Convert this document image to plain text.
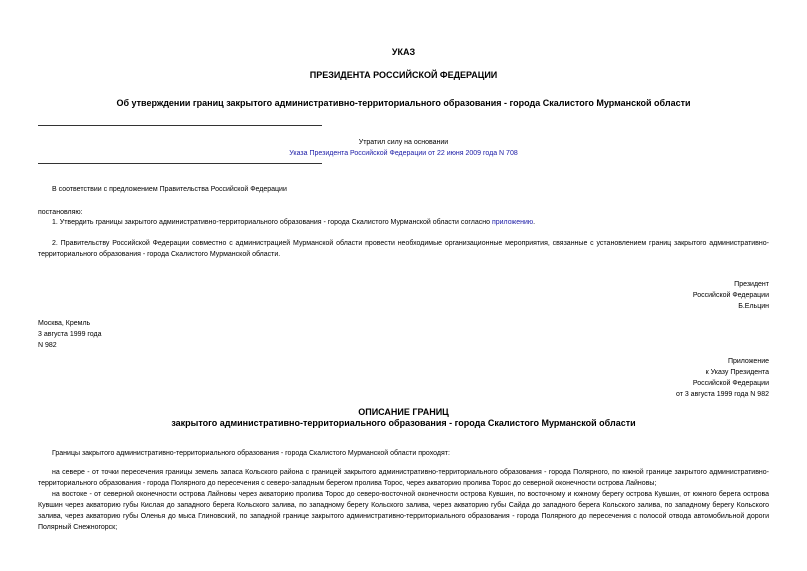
УКАЗ
ПРЕЗИДЕНТА РОССИЙСКОЙ ФЕДЕРАЦИИ
Об утверждении границ закрытого административно-территориального образования - города Скалистого Мурманской области
Утратил силу на основании
Указа Президента Российской Федерации от 22 июня 2009 года N 708
В соответствии с предложением Правительства Российской Федерации
постановляю:
1. Утвердить границы закрытого административно-территориального образования - города Скалистого Мурманской области согласно приложению.
2. Правительству Российской Федерации совместно с администрацией Мурманской области провести необходимые организационные мероприятия, связанные с установлением границ закрытого административно-территориального образования - города Скалистого Мурманской области.
Президент
Российской Федерации
Б.Ельцин
Москва, Кремль
3 августа 1999 года
N 982
Приложение
к Указу Президента
Российской Федерации
от 3 августа 1999 года N 982
ОПИСАНИЕ ГРАНИЦ
закрытого административно-территориального образования - города Скалистого Мурманской области
Границы закрытого административно-территориального образования - города Скалистого Мурманской области проходят:
на севере - от точки пересечения границы земель запаса Кольского района с границей закрытого административно-территориального образования - города Полярного, по южной границе закрытого административно-территориального образования - города Полярного до пересечения с северо-западным берегом пролива Торос, через акваторию пролива Торос до северной оконечности острова Лайновы;
на востоке - от северной оконечности острова Лайновы через акваторию пролива Торос до северо-восточной оконечности острова Кувшин, по восточному и южному берегу острова Кувшин, от южного берега острова Кувшин через акваторию губы Кислая до западного берега Кольского залива, по западному берегу Кольского залива, через акваторию губы Сайда до западного берега Кольского залива, по западному берегу Кольского залива, через акваторию губы Оленья до мыса Глиновский, по западной границе закрытого административно-территориального образования - города Полярного до пересечения с полосой отвода автомобильной дороги Полярный Снежногорск;
